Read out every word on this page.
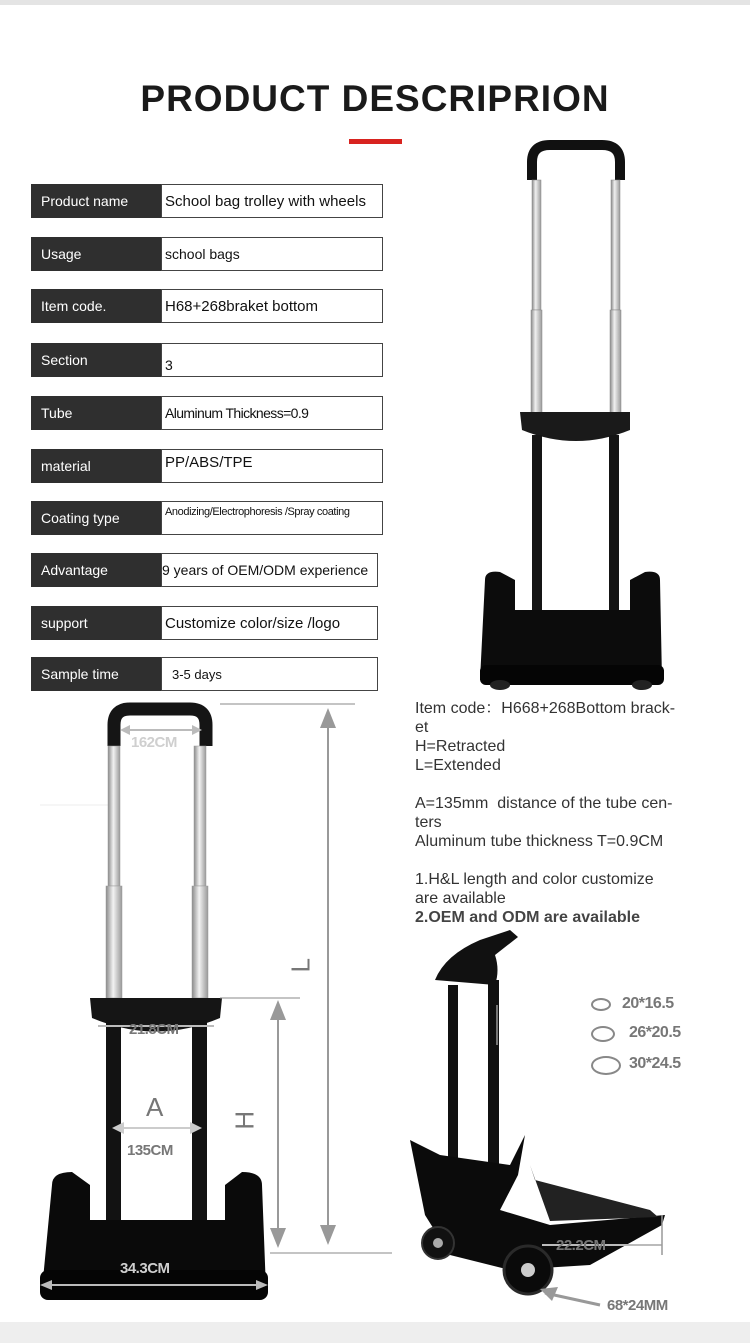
PRODUCT DESCRIPRION
Product name	School bag trolley with wheels
Usage	school bags
Item code.	H68+268braket bottom
Section	3
Tube	Aluminum Thickness=0.9
material	PP/ABS/TPE
Coating type	Anodizing/Electrophoresis /Spray coating
Advantage	9 years of OEM/ODM experience
support	Customize color/size /logo
Sample time	3-5 days
Item code：H668+268Bottom brack-
et
H=Retracted
L=Extended
A=135mm  distance of the tube cen-
ters
Aluminum tube thickness T=0.9CM
1.H&L length and color customize
are available
2.OEM and ODM are available
162CM
21.8CM
A
135CM
34.3CM
L
H
22.2CM
68*24MM
20*16.5
26*20.5
30*24.5
